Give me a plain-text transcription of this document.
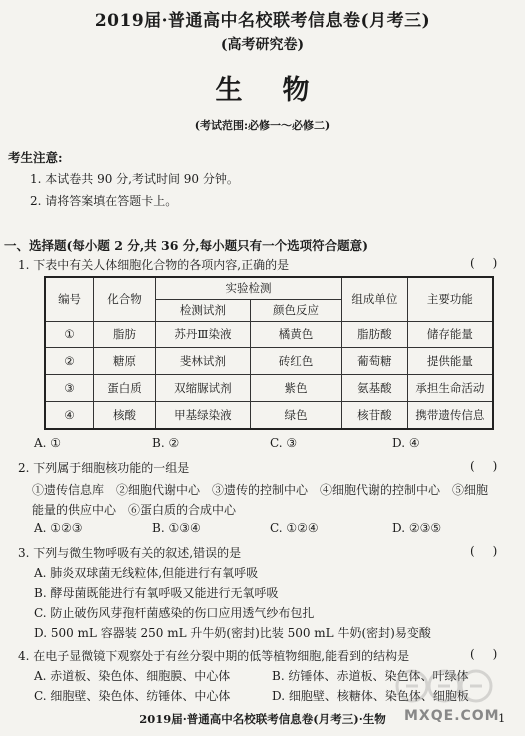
2019届·普通高中名校联考信息卷(月考三)
(高考研究卷)
生物
(考试范围:必修一～必修二)
考生注意:
1. 本试卷共 90 分,考试时间 90 分钟。
2. 请将答案填在答题卡上。
一、选择题(每小题 2 分,共 36 分,每小题只有一个选项符合题意)
1. 下表中有关人体细胞化合物的各项内容,正确的是	()
编号	化合物	实验检测		组成单位	主要功能
		检测试剂	颜色反应		
①	脂肪	苏丹Ⅲ染液	橘黄色	脂肪酸	储存能量
②	糖原	斐林试剂	砖红色	葡萄糖	提供能量
③	蛋白质	双缩脲试剂	紫色	氨基酸	承担生命活动
④	核酸	甲基绿染液	绿色	核苷酸	携带遗传信息
A. ①	B. ②	C. ③	D. ④
2. 下列属于细胞核功能的一组是	()
①遗传信息库　②细胞代谢中心　③遗传的控制中心　④细胞代谢的控制中心　⑤细胞
能量的供应中心　⑥蛋白质的合成中心
A. ①②③	B. ①③④	C. ①②④	D. ②③⑤
3. 下列与微生物呼吸有关的叙述,错误的是	()
A. 肺炎双球菌无线粒体,但能进行有氧呼吸
B. 酵母菌既能进行有氧呼吸又能进行无氧呼吸
C. 防止破伤风芽孢杆菌感染的伤口应用透气纱布包扎
D. 500 mL 容器装 250 mL 升牛奶(密封)比装 500 mL 牛奶(密封)易变酸
4. 在电子显微镜下观察处于有丝分裂中期的低等植物细胞,能看到的结构是	()
A. 赤道板、染色体、细胞膜、中心体	B. 纺锤体、赤道板、染色体、叶绿体
C. 细胞壁、染色体、纺锤体、中心体	D. 细胞壁、核糖体、染色体、细胞板
MXQE.COM
2019届·普通高中名校联考信息卷(月考三)·生物	1
